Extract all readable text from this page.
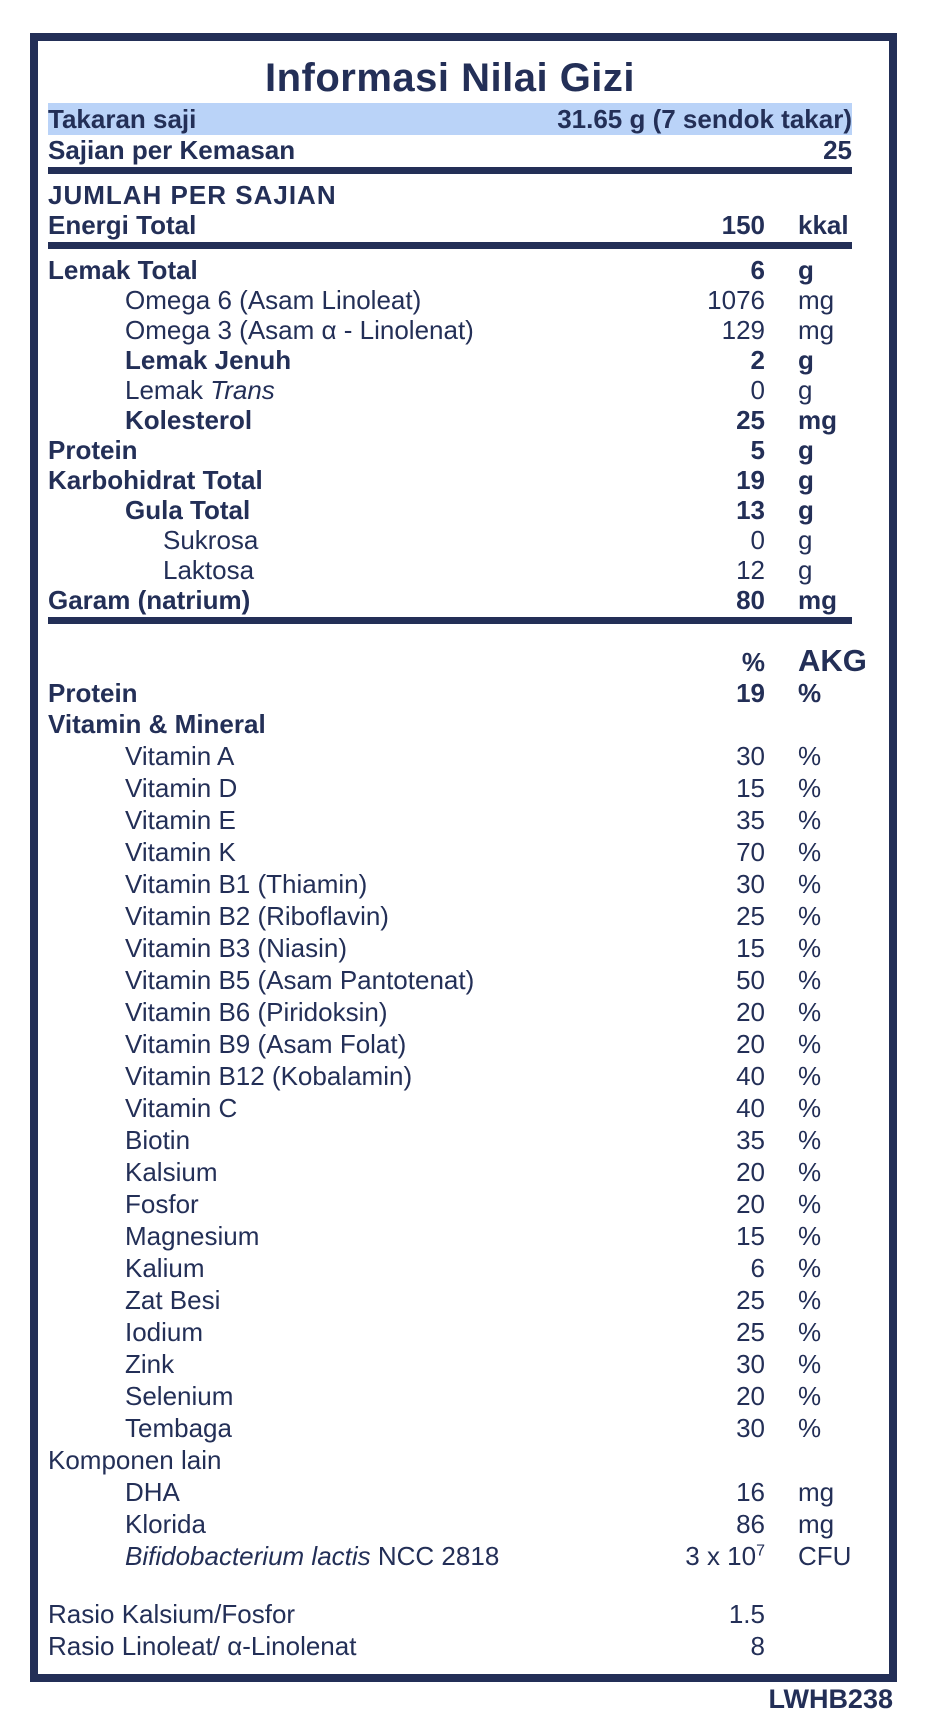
Informasi Nilai Gizi
Takaran saji	31.65 g (7 sendok takar)
Sajian per Kemasan	25
JUMLAH PER SAJIAN
Energi Total	150 kkal
Lemak Total	6 g
Omega 6 (Asam Linoleat)	1076 mg
Omega 3 (Asam α - Linolenat)	129 mg
Lemak Jenuh	2 g
Lemak Trans	0 g
Kolesterol	25 mg
Protein	5 g
Karbohidrat Total	19 g
Gula Total	13 g
Sukrosa	0 g
Laktosa	12 g
Garam (natrium)	80 mg
% AKG
Protein	19 %
Vitamin & Mineral
Vitamin A	30 %
Vitamin D	15 %
Vitamin E	35 %
Vitamin K	70 %
Vitamin B1 (Thiamin)	30 %
Vitamin B2 (Riboflavin)	25 %
Vitamin B3 (Niasin)	15 %
Vitamin B5 (Asam Pantotenat)	50 %
Vitamin B6 (Piridoksin)	20 %
Vitamin B9 (Asam Folat)	20 %
Vitamin B12 (Kobalamin)	40 %
Vitamin C	40 %
Biotin	35 %
Kalsium	20 %
Fosfor	20 %
Magnesium	15 %
Kalium	6 %
Zat Besi	25 %
Iodium	25 %
Zink	30 %
Selenium	20 %
Tembaga	30 %
Komponen lain
DHA	16 mg
Klorida	86 mg
Bifidobacterium lactis NCC 2818	3 x $10^7$ CFU
Rasio Kalsium/Fosfor	1.5
Rasio Linoleat/ α-Linolenat	8
LWHB238
